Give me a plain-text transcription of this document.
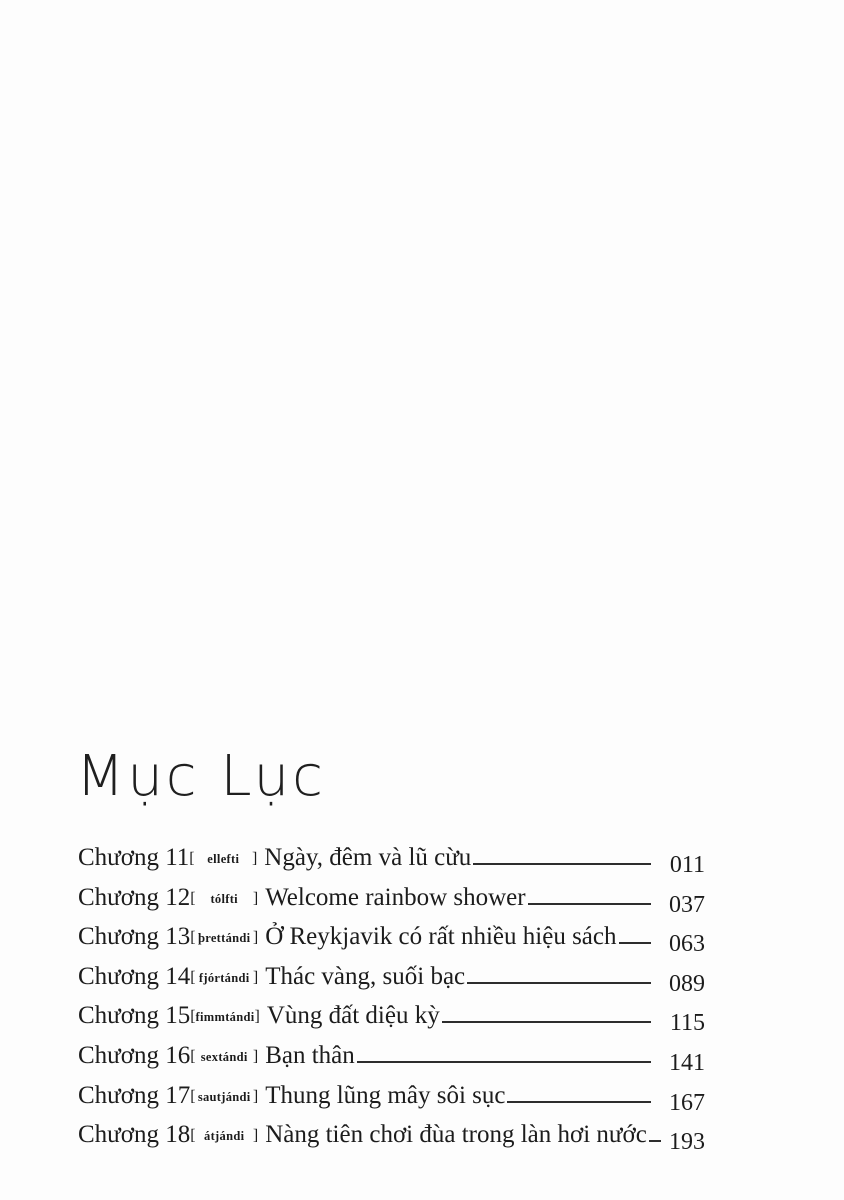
Mục Lục
Chương 11 [ ellefti ] Ngày, đêm và lũ cừu	011
Chương 12 [ tólfti ] Welcome rainbow shower	037
Chương 13 [ þrettándi ] Ở Reykjavik có rất nhiều hiệu sách	063
Chương 14 [ fjórtándi ] Thác vàng, suối bạc	089
Chương 15 [ fimmtándi ] Vùng đất diệu kỳ	115
Chương 16 [ sextándi ] Bạn thân	141
Chương 17 [ sautjándi ] Thung lũng mây sôi sục	167
Chương 18 [ átjándi ] Nàng tiên chơi đùa trong làn hơi nước 193
